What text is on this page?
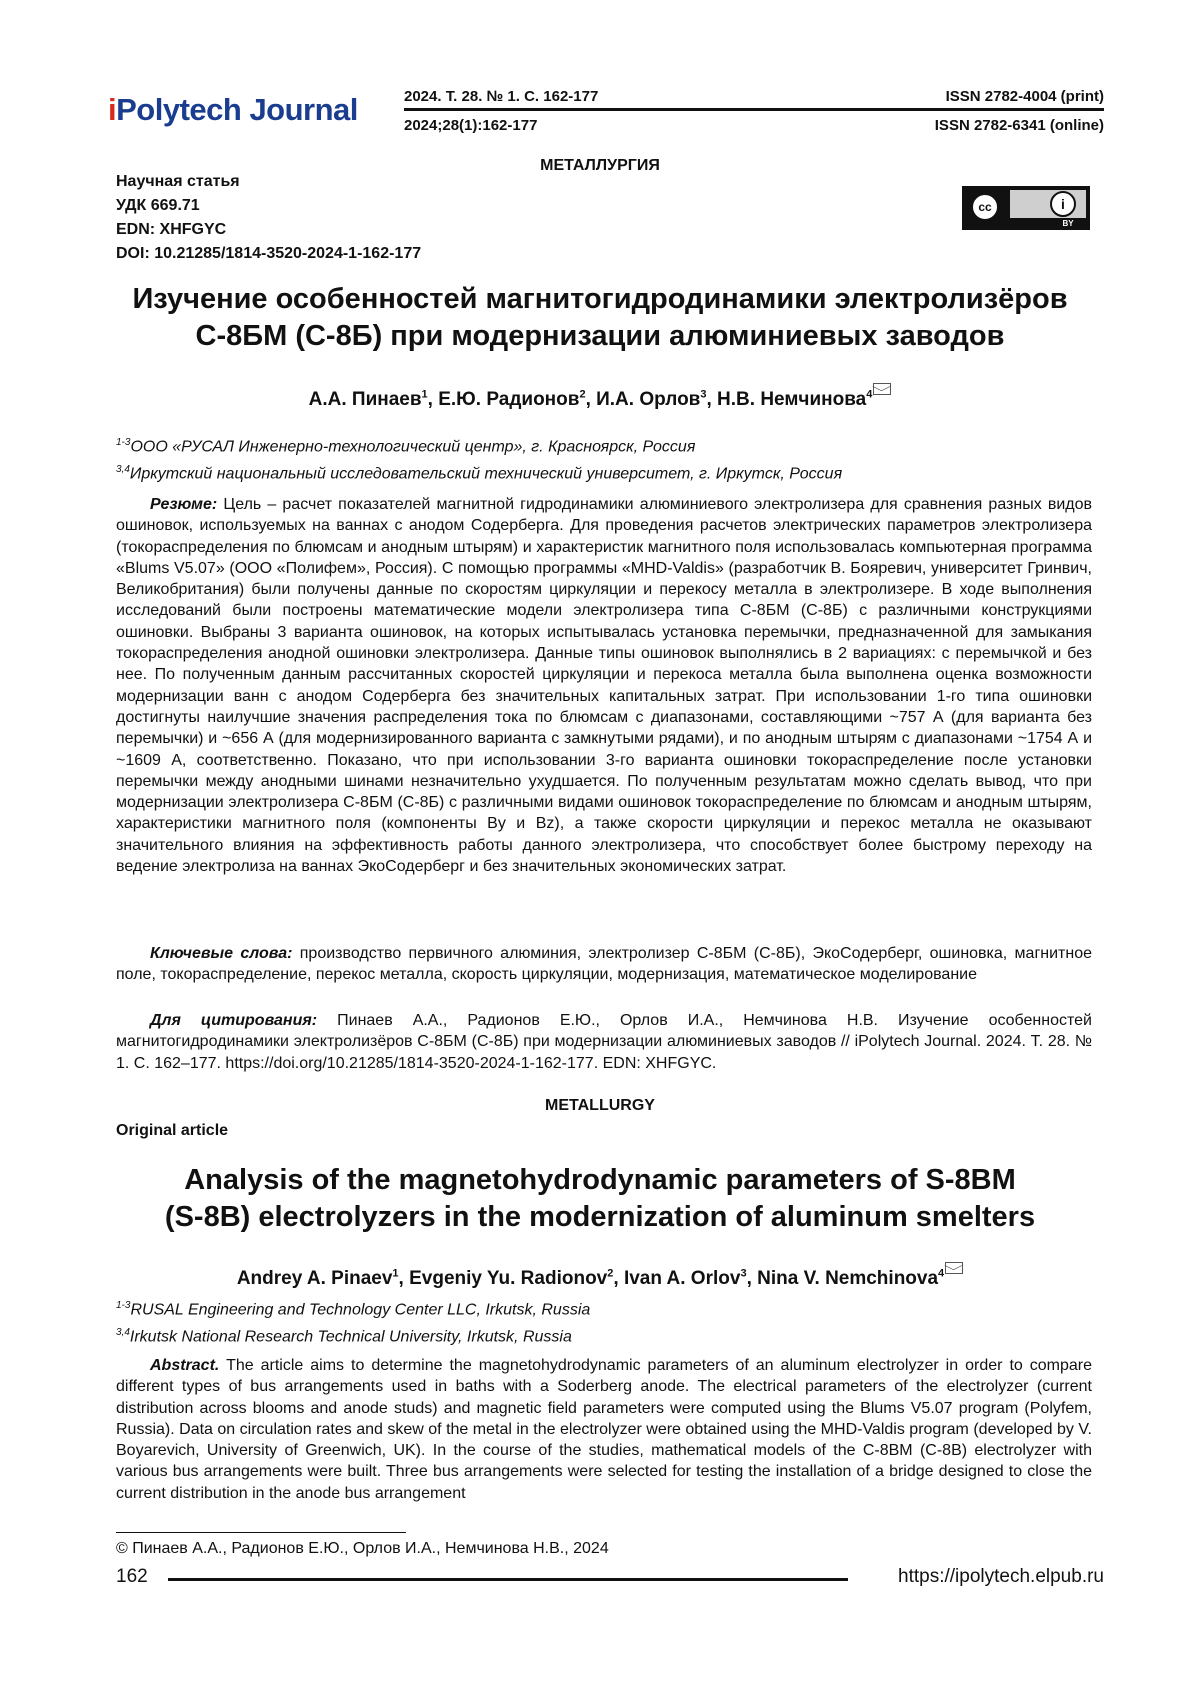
iPolytech Journal	2024. Т. 28. № 1. С. 162-177	ISSN 2782-4004 (print)
2024;28(1):162-177	ISSN 2782-6341 (online)
МЕТАЛЛУРГИЯ
Научная статья
УДК 669.71
EDN: XHFGYC
DOI: 10.21285/1814-3520-2024-1-162-177
cc	i
BY
Изучение особенностей магнитогидродинамики электролизёров
С-8БМ (С-8Б) при модернизации алюминиевых заводов
А.А. Пинаев$^1$, Е.Ю. Радионов$^2$, И.А. Орлов$^3$, Н.В. Немчинова$^4$
$^{1-3}$ООО «РУСАЛ Инженерно-технологический центр», г. Красноярск, Россия
$^{3,4}$Иркутский национальный исследовательский технический университет, г. Иркутск, Россия
Резюме: Цель – расчет показателей магнитной гидродинамики алюминиевого электролизера для сравнения разных видов ошиновок, используемых на ваннах с анодом Содерберга. Для проведения расчетов электрических параметров электролизера (токораспределения по блюмсам и анодным штырям) и характеристик магнитного поля использовалась компьютерная программа «Blums V5.07» (ООО «Полифем», Россия). С помощью программы «MHD-Valdis» (разработчик В. Бояревич, университет Гринвич, Великобритания) были получены данные по скоростям циркуляции и перекосу металла в электролизере. В ходе выполнения исследований были построены математические модели электролизера типа С-8БМ (С-8Б) с различными конструкциями ошиновки. Выбраны 3 варианта ошиновок, на которых испытывалась установка перемычки, предназначенной для замыкания токораспределения анодной ошиновки электролизера. Данные типы ошиновок выполнялись в 2 вариациях: с перемычкой и без нее. По полученным данным рассчитанных скоростей циркуляции и перекоса металла была выполнена оценка возможности модернизации ванн с анодом Содерберга без значительных капитальных затрат. При использовании 1-го типа ошиновки достигнуты наилучшие значения распределения тока по блюмсам с диапазонами, составляющими ~757 А (для варианта без перемычки) и ~656 А (для модернизированного варианта с замкнутыми рядами), и по анодным штырям с диапазонами ~1754 А и ~1609 А, соответственно. Показано, что при использовании 3-го варианта ошиновки токораспределение после установки перемычки между анодными шинами незначительно ухудшается. По полученным результатам можно сделать вывод, что при модернизации электролизера С-8БМ (С-8Б) с различными видами ошиновок токораспределение по блюмсам и анодным штырям, характеристики магнитного поля (компоненты By и Bz), а также скорости циркуляции и перекос металла не оказывают значительного влияния на эффективность работы данного электролизера, что способствует более быстрому переходу на ведение электролиза на ваннах ЭкоСодерберг и без значительных экономических затрат.
Ключевые слова: производство первичного алюминия, электролизер С-8БМ (С-8Б), ЭкоСодерберг, ошиновка, магнитное поле, токораспределение, перекос металла, скорость циркуляции, модернизация, математическое моделирование
Для цитирования: Пинаев А.А., Радионов Е.Ю., Орлов И.А., Немчинова Н.В. Изучение особенностей магнитогидродинамики электролизёров С-8БМ (С-8Б) при модернизации алюминиевых заводов // iPolytech Journal. 2024. Т. 28. № 1. С. 162–177. https://doi.org/10.21285/1814-3520-2024-1-162-177. EDN: XHFGYC.
METALLURGY
Original article
Analysis of the magnetohydrodynamic parameters of S-8BM
(S-8B) electrolyzers in the modernization of aluminum smelters
Andrey A. Pinaev$^1$, Evgeniy Yu. Radionov$^2$, Ivan A. Orlov$^3$, Nina V. Nemchinova$^4$
$^{1-3}$RUSAL Engineering and Technology Center LLC, Irkutsk, Russia
$^{3,4}$Irkutsk National Research Technical University, Irkutsk, Russia
Abstract. The article aims to determine the magnetohydrodynamic parameters of an aluminum electrolyzer in order to compare different types of bus arrangements used in baths with a Soderberg anode. The electrical parameters of the electrolyzer (current distribution across blooms and anode studs) and magnetic field parameters were computed using the Blums V5.07 program (Polyfem, Russia). Data on circulation rates and skew of the metal in the electrolyzer were obtained using the MHD-Valdis program (developed by V. Boyarevich, University of Greenwich, UK). In the course of the studies, mathematical models of the C-8BM (C-8B) electrolyzer with various bus arrangements were built. Three bus arrangements were selected for testing the installation of a bridge designed to close the current distribution in the anode bus arrangement
© Пинаев А.А., Радионов Е.Ю., Орлов И.А., Немчинова Н.В., 2024
162	https://ipolytech.elpub.ru
